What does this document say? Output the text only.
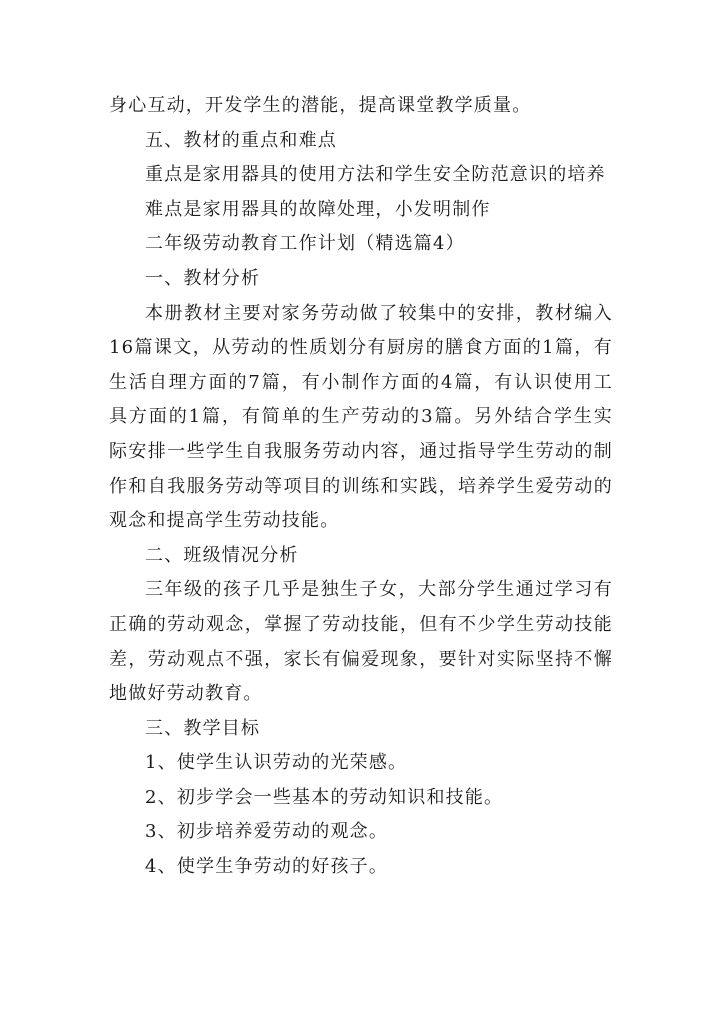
身心互动，开发学生的潜能，提高课堂教学质量。

五、教材的重点和难点

重点是家用器具的使用方法和学生安全防范意识的培养

难点是家用器具的故障处理，小发明制作

二年级劳动教育工作计划（精选篇4）

一、教材分析

本册教材主要对家务劳动做了较集中的安排，教材编入16篇课文，从劳动的性质划分有厨房的膳食方面的1篇，有生活自理方面的7篇，有小制作方面的4篇，有认识使用工具方面的1篇，有简单的生产劳动的3篇。另外结合学生实际安排一些学生自我服务劳动内容，通过指导学生劳动的制作和自我服务劳动等项目的训练和实践，培养学生爱劳动的观念和提高学生劳动技能。

二、班级情况分析

三年级的孩子几乎是独生子女，大部分学生通过学习有正确的劳动观念，掌握了劳动技能，但有不少学生劳动技能差，劳动观点不强，家长有偏爱现象，要针对实际坚持不懈地做好劳动教育。

三、教学目标

1、使学生认识劳动的光荣感。

2、初步学会一些基本的劳动知识和技能。

3、初步培养爱劳动的观念。

4、使学生争劳动的好孩子。
